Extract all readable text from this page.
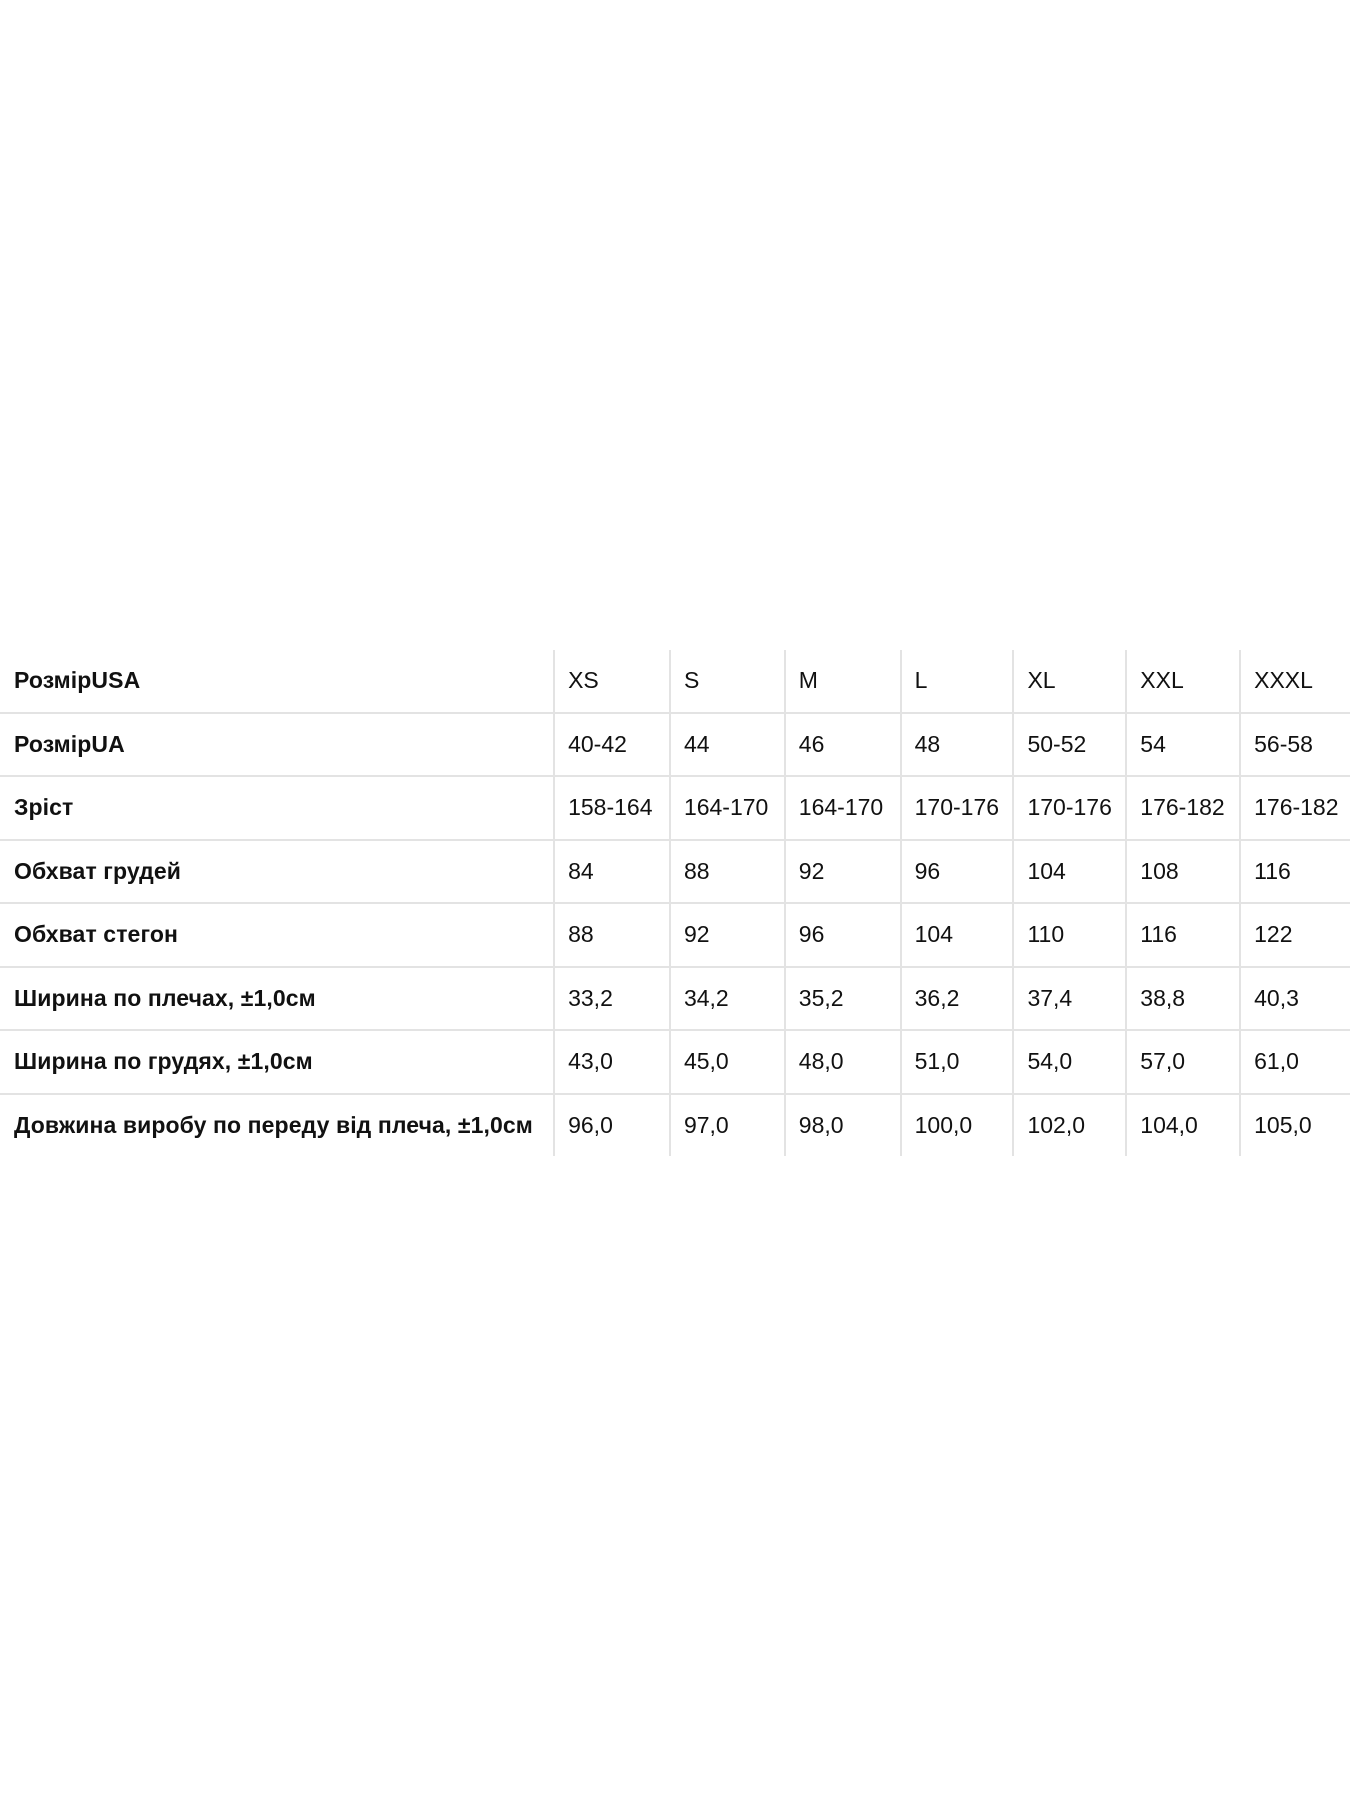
РозмірUSA	XS	S	M	L	XL	XXL	XXXL
РозмірUA	40-42	44	46	48	50-52	54	56-58
Зріст	158-164	164-170	164-170	170-176	170-176	176-182	176-182
Обхват грудей	84	88	92	96	104	108	116
Обхват стегон	88	92	96	104	110	116	122
Ширина по плечах, ±1,0см	33,2	34,2	35,2	36,2	37,4	38,8	40,3
Ширина по грудях, ±1,0см	43,0	45,0	48,0	51,0	54,0	57,0	61,0
Довжина виробу по переду від плеча, ±1,0см	96,0	97,0	98,0	100,0	102,0	104,0	105,0
